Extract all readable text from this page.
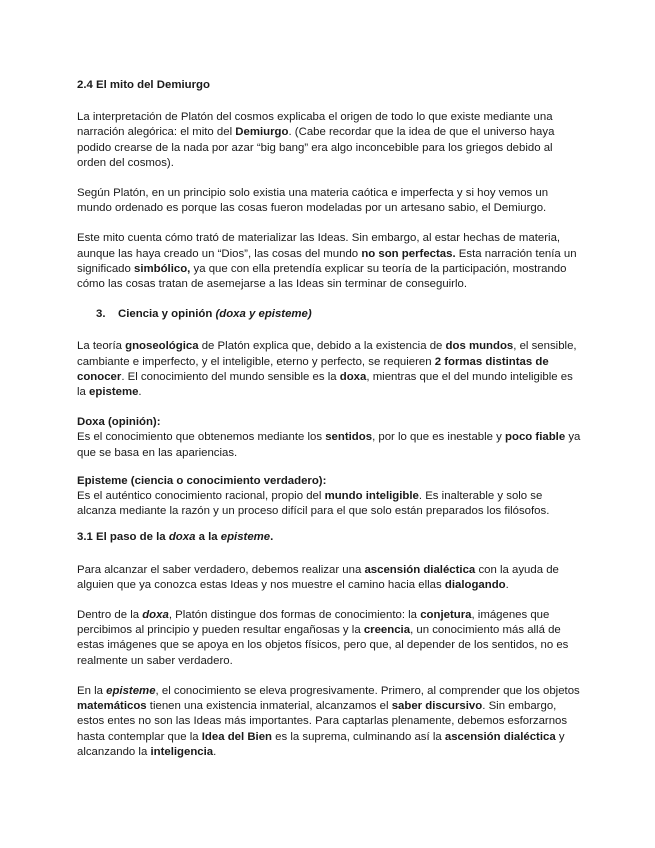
2.4 El mito del Demiurgo

La interpretación de Platón del cosmos explicaba el origen de todo lo que existe mediante una narración alegórica: el mito del Demiurgo. (Cabe recordar que la idea de que el universo haya podido crearse de la nada por azar “big bang” era algo inconcebible para los griegos debido al orden del cosmos).

Según Platón, en un principio solo existia una materia caótica e imperfecta y si hoy vemos un mundo ordenado es porque las cosas fueron modeladas por un artesano sabio, el Demiurgo.

Este mito cuenta cómo trató de materializar las Ideas. Sin embargo, al estar hechas de materia, aunque las haya creado un “Dios”, las cosas del mundo no son perfectas. Esta narración tenía un significado simbólico, ya que con ella pretendía explicar su teoría de la participación, mostrando cómo las cosas tratan de asemejarse a las Ideas sin terminar de conseguirlo.

3. Ciencia y opinión (doxa y episteme)

La teoría gnoseológica de Platón explica que, debido a la existencia de dos mundos, el sensible, cambiante e imperfecto, y el inteligible, eterno y perfecto, se requieren 2 formas distintas de conocer. El conocimiento del mundo sensible es la doxa, mientras que el del mundo inteligible es la episteme.

Doxa (opinión):

Es el conocimiento que obtenemos mediante los sentidos, por lo que es inestable y poco fiable ya que se basa en las apariencias.

Episteme (ciencia o conocimiento verdadero):

Es el auténtico conocimiento racional, propio del mundo inteligible. Es inalterable y solo se alcanza mediante la razón y un proceso difícil para el que solo están preparados los filósofos.

3.1 El paso de la doxa a la episteme.

Para alcanzar el saber verdadero, debemos realizar una ascensión dialéctica con la ayuda de alguien que ya conozca estas Ideas y nos muestre el camino hacia ellas dialogando.

Dentro de la doxa, Platón distingue dos formas de conocimiento: la conjetura, imágenes que percibimos al principio y pueden resultar engañosas y la creencia, un conocimiento más allá de estas imágenes que se apoya en los objetos físicos, pero que, al depender de los sentidos, no es realmente un saber verdadero.

En la episteme, el conocimiento se eleva progresivamente. Primero, al comprender que los objetos matemáticos tienen una existencia inmaterial, alcanzamos el saber discursivo. Sin embargo, estos entes no son las Ideas más importantes. Para captarlas plenamente, debemos esforzarnos hasta contemplar que la Idea del Bien es la suprema, culminando así la ascensión dialéctica y alcanzando la inteligencia.
